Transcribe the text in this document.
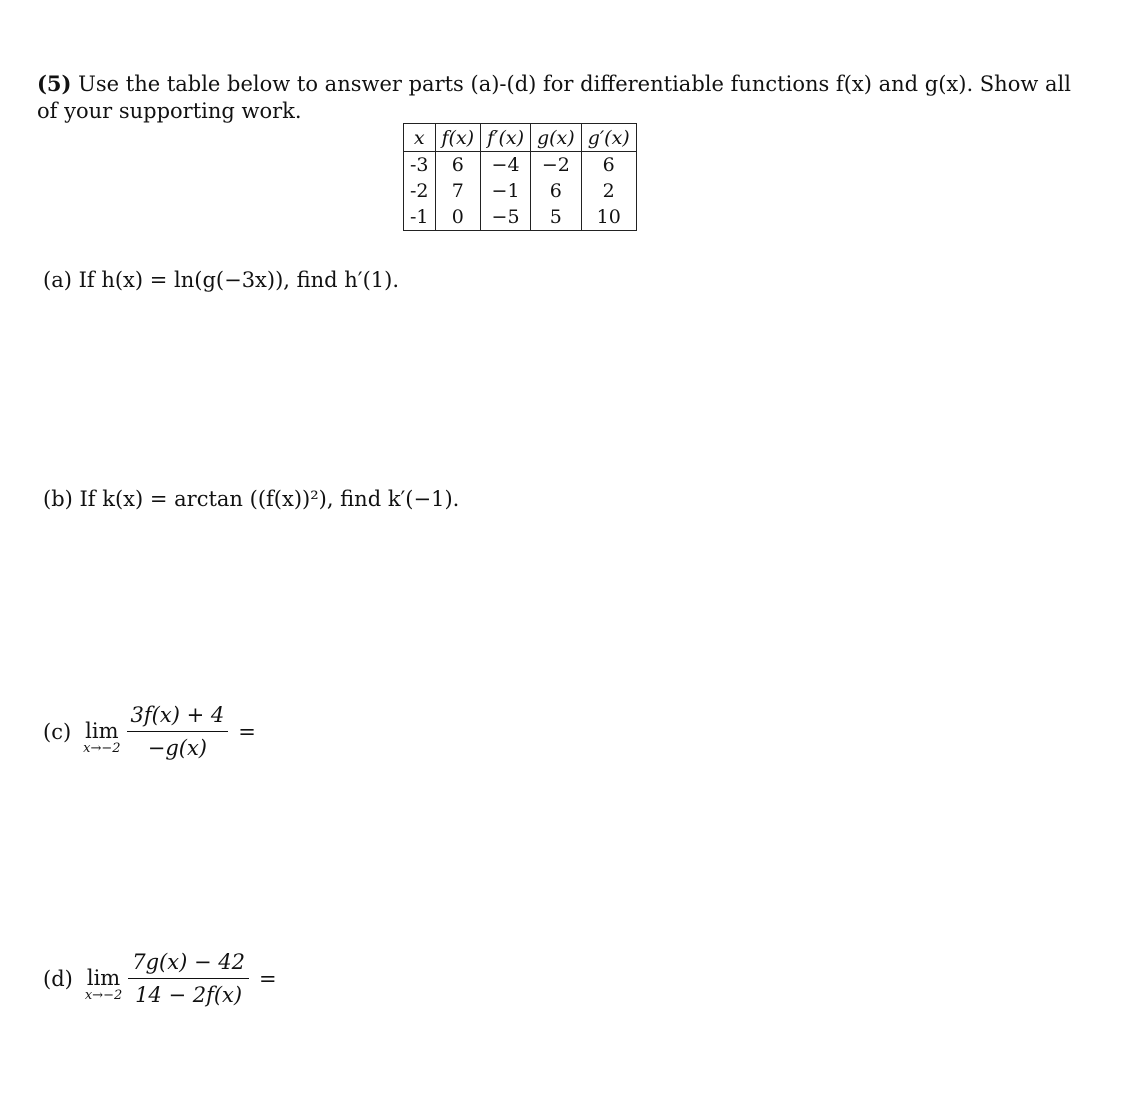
(5) Use the table below to answer parts (a)-(d) for differentiable functions f(x) and g(x). Show all of your supporting work.
x	f(x)	f′(x)	g(x)	g′(x)
-3	6	−4	−2	6
-2	7	−1	6	2
-1	0	−5	5	10
(a) If h(x) = ln(g(−3x)), find h′(1).
(b) If k(x) = arctan ((f(x))²), find k′(−1).
(c) lim
$x\to-2 \frac{3f(x) + 4}{-g(x)}$ =
(d) lim
$x\to-2 \frac{7g(x) - 42}{14 - 2f(x)}$ =
